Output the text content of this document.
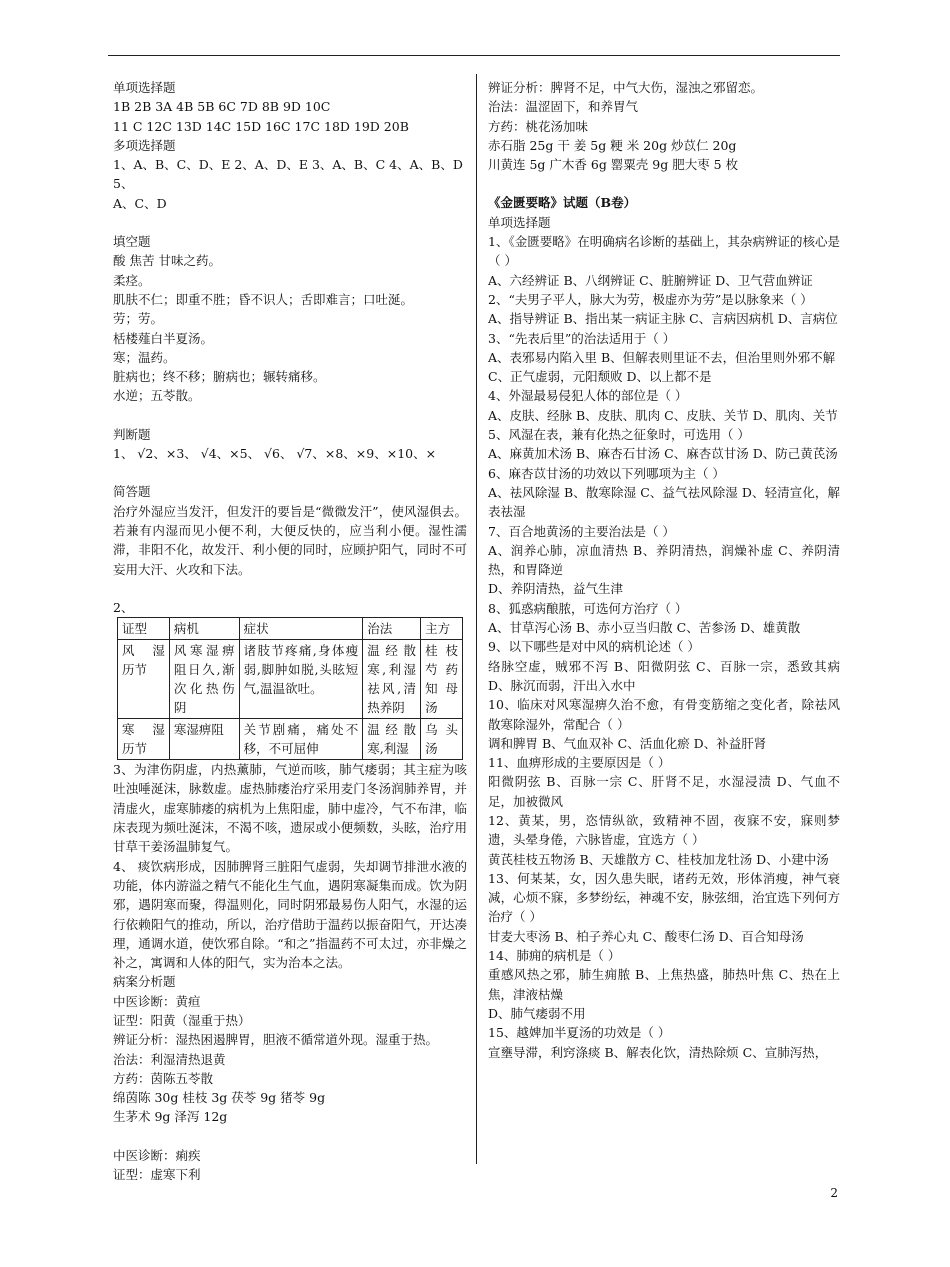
单项选择题

1B 2B 3A 4B 5B 6C 7D 8B 9D 10C

11 C 12C 13D 14C 15D 16C 17C 18D 19D 20B

多项选择题

1、A、B、C、D、E 2、A、D、E 3、A、B、C 4、A、B、D 5、

A、C、D

填空题

酸 焦苦 甘味之药。

柔痉。

肌肤不仁；即重不胜；昏不识人；舌即难言；口吐涎。

劳；劳。

栝楼薤白半夏汤。

寒；温药。

脏病也；终不移；腑病也；辗转痛移。

水逆；五苓散。

判断题

1、 √2、×3、 √4、×5、 √6、 √7、×8、×9、×10、×

简答题

治疗外湿应当发汗，但发汗的要旨是“微微发汗”，使风湿俱去。若兼有内湿而见小便不利，大便反快的，应当利小便。湿性濡滞，非阳不化，故发汗、利小便的同时，应顾护阳气，同时不可妄用大汗、火攻和下法。

2、

证型	病机	症状	治法	主方
风 湿 历节	风寒湿痹阻日久,渐次化热伤阴	诸肢节疼痛,身体瘦弱,脚肿如脱,头眩短气,温温欲吐。	温经散寒,利湿祛风,清热养阴	桂枝芍药知母汤
寒 湿 历节	寒湿痹阻	关节剧痛，痛处不移，不可屈伸	温经散寒,利湿	乌头汤

3、为津伤阴虚，内热薰肺，气逆而咳，肺气痿弱；其主症为咳吐浊唾涎沫，脉数虚。虚热肺痿治疗采用麦门冬汤润肺养胃，并清虚火，虚寒肺痿的病机为上焦阳虚，肺中虚冷，气不布津，临床表现为频吐涎沫，不渴不咳，遗尿或小便频数，头眩，治疗用甘草干姜汤温肺复气。

4、 痰饮病形成，因肺脾肾三脏阳气虚弱，失却调节排泄水液的功能，体内游溢之精气不能化生气血，遇阴寒凝集而成。饮为阴邪，遇阴寒而聚，得温则化，同时阴邪最易伤人阳气，水湿的运行依赖阳气的推动，所以，治疗借助于温药以振奋阳气，开达凑理，通调水道，使饮邪自除。“和之”指温药不可太过，亦非燥之补之，寓调和人体的阳气，实为治本之法。

病案分析题

中医诊断：黄疸

证型：阳黄（湿重于热）

辨证分析：湿热困遏脾胃，胆液不循常道外现。湿重于热。

治法：利湿清热退黄

方药：茵陈五苓散

绵茵陈 30g 桂枝 3g 茯苓 9g 猪苓 9g

生茅术 9g 泽泻 12g

中医诊断：痢疾

证型：虚寒下利

辨证分析：脾肾不足，中气大伤，湿浊之邪留恋。

治法：温涩固下，和养胃气

方药：桃花汤加味

赤石脂 25g 干 姜 5g 粳 米 20g 炒苡仁 20g

川黄连 5g 广木香 6g 罂粟壳 9g 肥大枣 5 枚

《金匮要略》试题（B卷）

单项选择题

1、《金匮要略》在明确病名诊断的基础上，其杂病辨证的核心是（ ）

A、六经辨证 B、八纲辨证 C、脏腑辨证 D、卫气营血辨证

2、“夫男子平人，脉大为劳，极虚亦为劳”是以脉象来（ ）

A、指导辨证 B、指出某一病证主脉 C、言病因病机 D、言病位

3、“先表后里”的治法适用于（ ）

A、表邪易内陷入里 B、但解表则里证不去，但治里则外邪不解

C、正气虚弱，元阳颓败 D、以上都不是

4、外湿最易侵犯人体的部位是（ ）

A、皮肤、经脉 B、皮肤、肌肉 C、皮肤、关节 D、肌肉、关节

5、风湿在表，兼有化热之征象时，可选用（ ）

A、麻黄加术汤 B、麻杏石甘汤 C、麻杏苡甘汤 D、防己黄芪汤

6、麻杏苡甘汤的功效以下列哪项为主（ ）

A、祛风除湿 B、散寒除湿 C、益气祛风除湿 D、轻清宣化，解表祛湿

7、百合地黄汤的主要治法是（ ）

A、润养心肺，凉血清热 B、养阴清热，润燥补虚 C、养阴清热，和胃降逆

D、养阴清热，益气生津

8、狐惑病酿脓，可选何方治疗（ ）

A、甘草泻心汤 B、赤小豆当归散 C、苦参汤 D、雄黄散

9、以下哪些是对中风的病机论述（ ）

络脉空虚，贼邪不泻 B、阳微阴弦 C、百脉一宗，悉致其病 D、脉沉而弱，汗出入水中

10、临床对风寒湿痹久治不愈，有骨变筋缩之变化者，除祛风散寒除湿外，常配合（ ）

调和脾胃 B、气血双补 C、活血化瘀 D、补益肝肾

11、血痹形成的主要原因是（ ）

阳微阴弦 B、百脉一宗 C、肝肾不足，水湿浸渍 D、气血不足，加被微风

12、黄某，男，恣情纵欲，致精神不固，夜寐不安，寐则梦遗，头晕身倦，六脉皆虚，宜选方（ ）

黄芪桂枝五物汤 B、天雄散方 C、桂枝加龙牡汤 D、小建中汤

13、何某某，女，因久患失眠，诸药无效，形体消瘦，神气衰减，心烦不寐，多梦纷纭，神魂不安，脉弦细，治宜选下列何方治疗（ ）

甘麦大枣汤 B、柏子养心丸 C、酸枣仁汤 D、百合知母汤

14、肺痈的病机是（ ）

重感风热之邪，肺生痈脓 B、上焦热盛，肺热叶焦 C、热在上焦，津液枯燥

D、肺气痿弱不用

15、越婢加半夏汤的功效是（ ）

宣壅导滞，利窍涤痰 B、解表化饮，清热除烦 C、宣肺泻热，

2
